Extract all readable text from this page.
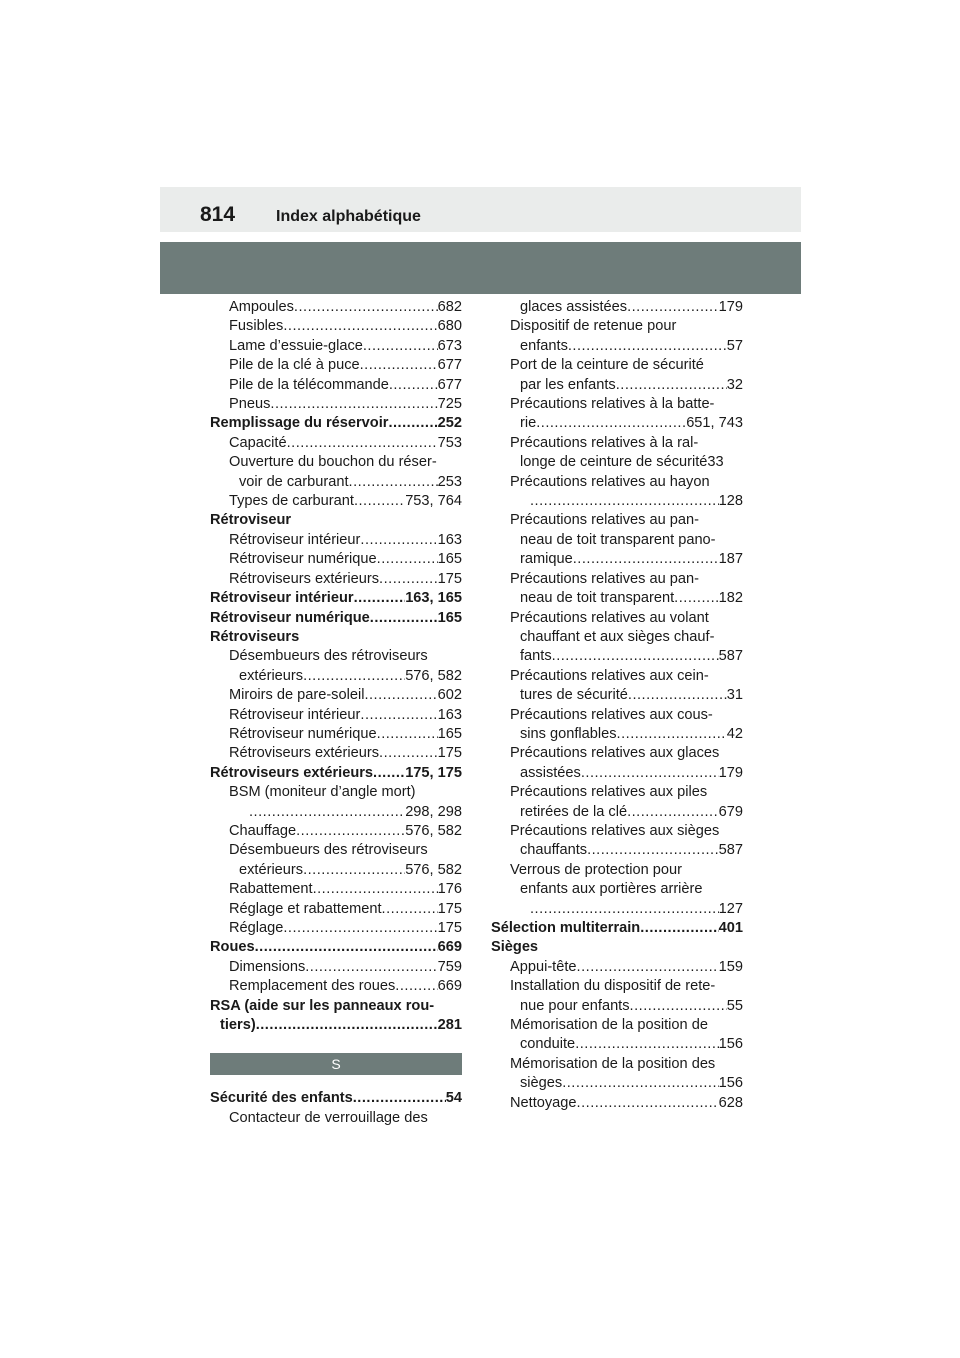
814	Index alphabétique
Ampoules .....	682
Fusibles .....	680
Lame d’essuie-glace .....	673
Pile de la clé à puce .....	677
Pile de la télécommande .....	677
Pneus .....	725
Remplissage du réservoir .....	252
Capacité .....	753
Ouverture du bouchon du réser-
voir de carburant .....	253
Types de carburant .....	753, 764
Rétroviseur
Rétroviseur intérieur .....	163
Rétroviseur numérique .....	165
Rétroviseurs extérieurs .....	175
Rétroviseur intérieur .....	163, 165
Rétroviseur numérique .....	165
Rétroviseurs
Désembueurs des rétroviseurs
extérieurs .....	576, 582
Miroirs de pare-soleil .....	602
Rétroviseur intérieur .....	163
Rétroviseur numérique .....	165
Rétroviseurs extérieurs .....	175
Rétroviseurs extérieurs ..... 175, 175
BSM (moniteur d’angle mort)
.....
298, 298
Chauffage .....	576, 582
Désembueurs des rétroviseurs
extérieurs .....	576, 582
Rabattement .....	176
Réglage et rabattement .....	175
Réglage .....	175
Roues .....	669
Dimensions .....	759
Remplacement des roues .....	669
RSA (aide sur les panneaux rou-
tiers) .....	281
S
Sécurité des enfants .....	54
Contacteur de verrouillage des
glaces assistées .....	179
Dispositif de retenue pour
enfants .....	57
Port de la ceinture de sécurité
par les enfants .....	32
Précautions relatives à la batte-
rie .....	651, 743
Précautions relatives à la ral-
longe de ceinture de sécurité33
Précautions relatives au hayon
.....
128
Précautions relatives au pan-
neau de toit transparent pano-
ramique .....	187
Précautions relatives au pan-
neau de toit transparent .....	182
Précautions relatives au volant
chauffant et aux sièges chauf-
fants .....	587
Précautions relatives aux cein-
tures de sécurité .....	31
Précautions relatives aux cous-
sins gonflables .....	42
Précautions relatives aux glaces
assistées .....	179
Précautions relatives aux piles
retirées de la clé .....	679
Précautions relatives aux sièges
chauffants .....	587
Verrous de protection pour
enfants aux portières arrière
.....
127
Sélection multiterrain .....	401
Sièges
Appui-tête .....	159
Installation du dispositif de rete-
nue pour enfants .....	55
Mémorisation de la position de
conduite .....	156
Mémorisation de la position des
sièges .....	156
Nettoyage .....	628
